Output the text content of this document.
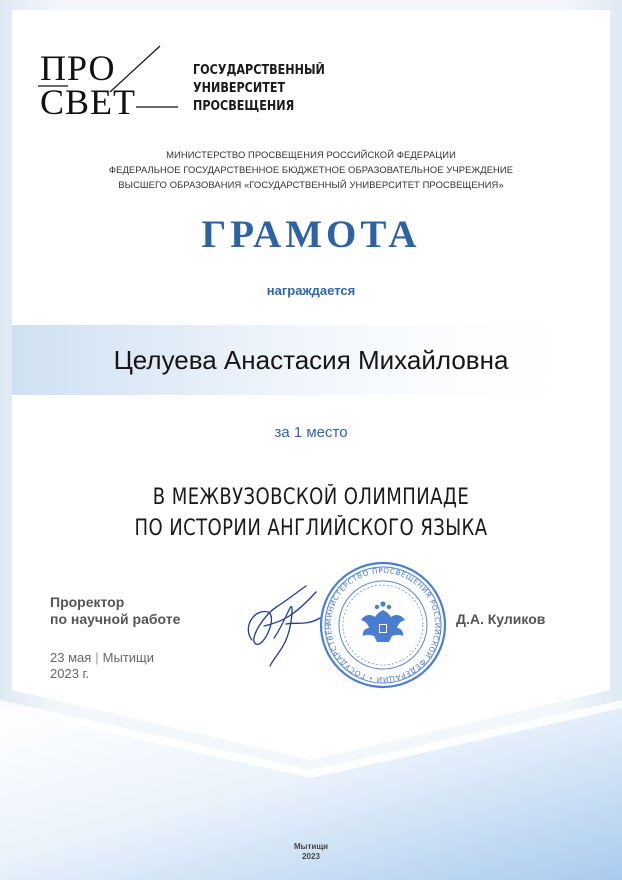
ПРО
СВЕТ
ГОСУДАРСТВЕННЫЙ
УНИВЕРСИТЕТ
ПРОСВЕЩЕНИЯ
МИНИСТЕРСТВО ПРОСВЕЩЕНИЯ РОССИЙСКОЙ ФЕДЕРАЦИИ
ФЕДЕРАЛЬНОЕ ГОСУДАРСТВЕННОЕ БЮДЖЕТНОЕ ОБРАЗОВАТЕЛЬНОЕ УЧРЕЖДЕНИЕ
ВЫСШЕГО ОБРАЗОВАНИЯ «ГОСУДАРСТВЕННЫЙ УНИВЕРСИТЕТ ПРОСВЕЩЕНИЯ»
ГРАМОТА
награждается
Целуева Анастасия Михайловна
за 1 место
В МЕЖВУЗОВСКОЙ ОЛИМПИАДЕ
ПО ИСТОРИИ АНГЛИЙСКОГО ЯЗЫКА
Проректор
по научной работе
23 мая | Мытищи
2023 г.
МИНИСТЕРСТВО ПРОСВЕЩЕНИЯ РОССИЙСКОЙ ФЕДЕРАЦИИ • ГОСУДАРСТВЕН	Д.А. Куликов
Мытищи
2023
